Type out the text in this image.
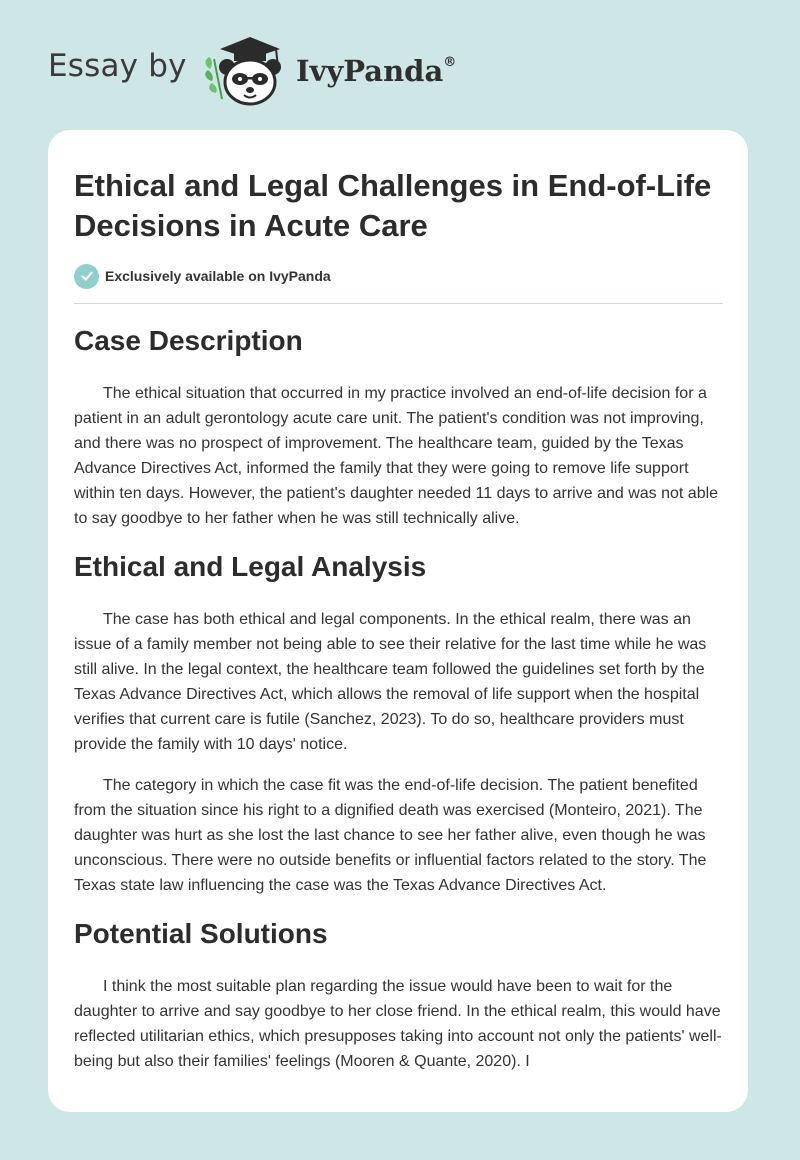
Essay by	IvyPanda®
Ethical and Legal Challenges in End-of-Life Decisions in Acute Care
Exclusively available on IvyPanda
Case Description

The ethical situation that occurred in my practice involved an end-of-life decision for a patient in an adult gerontology acute care unit. The patient's condition was not improving, and there was no prospect of improvement. The healthcare team, guided by the Texas Advance Directives Act, informed the family that they were going to remove life support within ten days. However, the patient's daughter needed 11 days to arrive and was not able to say goodbye to her father when he was still technically alive.

Ethical and Legal Analysis

The case has both ethical and legal components. In the ethical realm, there was an issue of a family member not being able to see their relative for the last time while he was still alive. In the legal context, the healthcare team followed the guidelines set forth by the Texas Advance Directives Act, which allows the removal of life support when the hospital verifies that current care is futile (Sanchez, 2023). To do so, healthcare providers must provide the family with 10 days' notice.

The category in which the case fit was the end-of-life decision. The patient benefited from the situation since his right to a dignified death was exercised (Monteiro, 2021). The daughter was hurt as she lost the last chance to see her father alive, even though he was unconscious. There were no outside benefits or influential factors related to the story. The Texas state law influencing the case was the Texas Advance Directives Act.

Potential Solutions

I think the most suitable plan regarding the issue would have been to wait for the daughter to arrive and say goodbye to her close friend. In the ethical realm, this would have reflected utilitarian ethics, which presupposes taking into account not only the patients' well-being but also their families' feelings (Mooren & Quante, 2020). I
